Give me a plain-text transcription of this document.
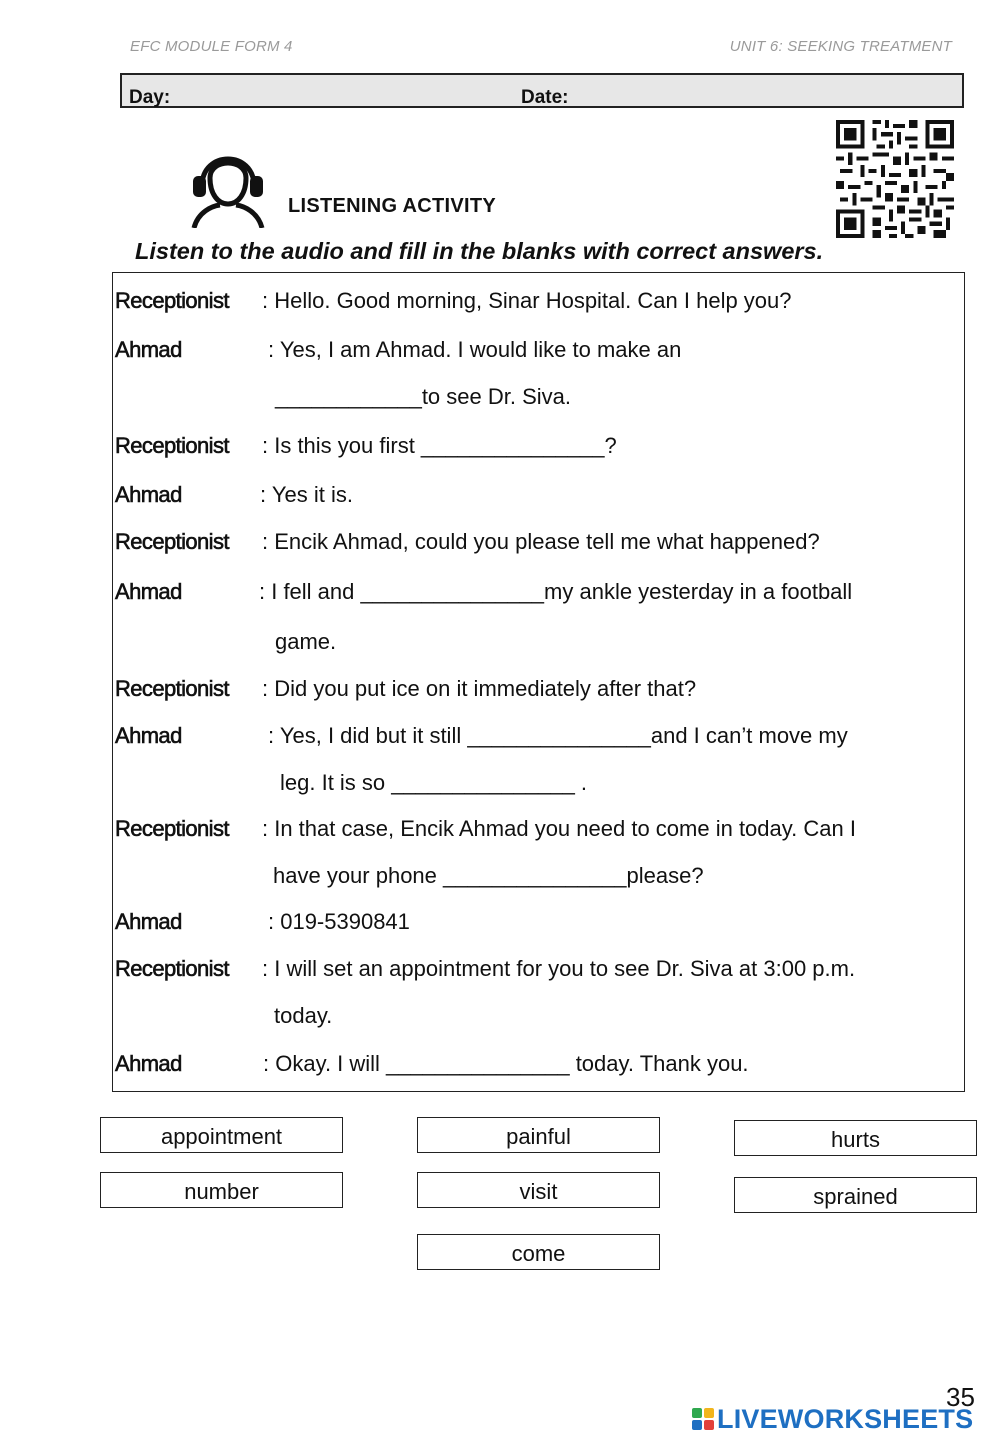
EFC MODULE FORM 4	UNIT 6: SEEKING TREATMENT
Day:	Date:
LISTENING ACTIVITY
Listen to the audio and fill in the blanks with correct answers.
Receptionist : Hello. Good morning, Sinar Hospital. Can I help you?
Ahmad	: Yes, I am Ahmad. I would like to make an
____________to see Dr. Siva.
Receptionist : Is this you first _______________?
Ahmad	: Yes it is.
Receptionist : Encik Ahmad, could you please tell me what happened?
Ahmad	: I fell and _______________my ankle yesterday in a football
game.
Receptionist : Did you put ice on it immediately after that?
Ahmad	: Yes, I did but it still _______________and I can’t move my
leg. It is so _______________ .
Receptionist : In that case, Encik Ahmad you need to come in today. Can I
have your phone _______________please?
Ahmad	: 019-5390841
Receptionist : I will set an appointment for you to see Dr. Siva at 3:00 p.m.
today.
Ahmad	: Okay. I will _______________ today. Thank you.
appointment	painful	hurts
number	visit	sprained
come
LIVEWORKSHEETS
35
